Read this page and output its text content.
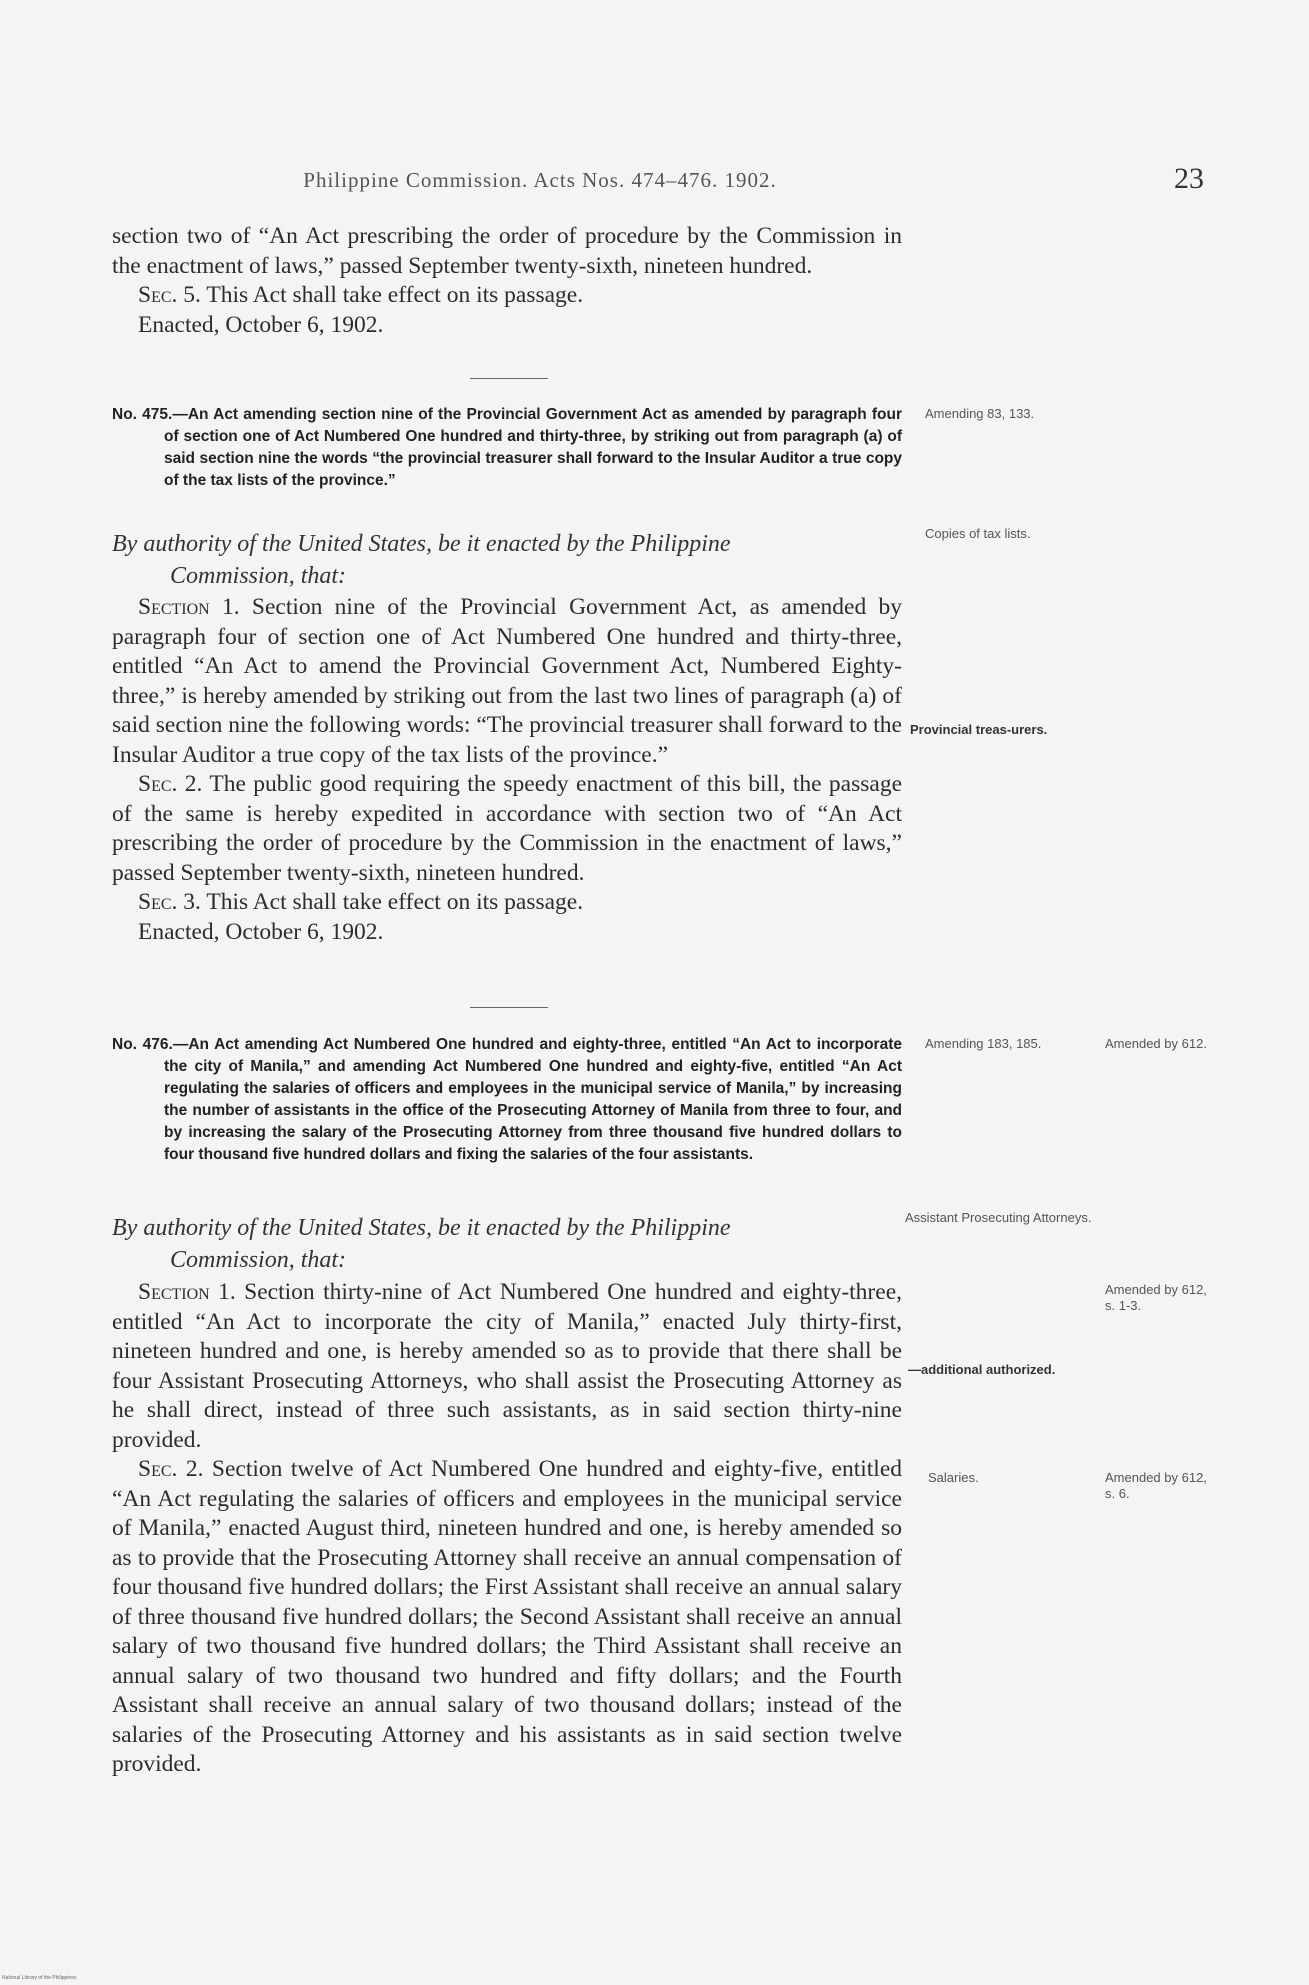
Philippine Commission. Acts Nos. 474–476. 1902.	23

section two of “An Act prescribing the order of procedure by the Commission in the enactment of laws,” passed September twenty-sixth, nineteen hundred.

Sec. 5. This Act shall take effect on its passage.

Enacted, October 6, 1902.

No. 475.—An Act amending section nine of the Provincial Government Act as amended by paragraph four of section one of Act Numbered One hundred and thirty-three, by striking out from paragraph (a) of said section nine the words “the provincial treasurer shall forward to the Insular Auditor a true copy of the tax lists of the province.”
Amending 83, 133.
By authority of the United States, be it enacted by the Philippine
Commission, that:
Copies of tax lists.

Section 1. Section nine of the Provincial Government Act, as amended by paragraph four of section one of Act Numbered One hundred and thirty-three, entitled “An Act to amend the Provincial Government Act, Numbered Eighty-three,” is hereby amended by striking out from the last two lines of paragraph (a) of said section nine the following words: “The provincial treasurer shall forward to the Insular Auditor a true copy of the tax lists of the province.”

Sec. 2. The public good requiring the speedy enactment of this bill, the passage of the same is hereby expedited in accordance with section two of “An Act prescribing the order of procedure by the Commission in the enactment of laws,” passed September twenty-sixth, nineteen hundred.

Sec. 3. This Act shall take effect on its passage.

Enacted, October 6, 1902.

Provincial treas-urers.
No. 476.—An Act amending Act Numbered One hundred and eighty-three, entitled “An Act to incorporate the city of Manila,” and amending Act Numbered One hundred and eighty-five, entitled “An Act regulating the salaries of officers and employees in the municipal service of Manila,” by increasing the number of assistants in the office of the Prosecuting Attorney of Manila from three to four, and by increasing the salary of the Prosecuting Attorney from three thousand five hundred dollars to four thousand five hundred dollars and fixing the salaries of the four assistants.
Amending 183, 185.	Amended by 612.
By authority of the United States, be it enacted by the Philippine
Commission, that:
Assistant Prosecuting Attorneys.

Section 1. Section thirty-nine of Act Numbered One hundred and eighty-three, entitled “An Act to incorporate the city of Manila,” enacted July thirty-first, nineteen hundred and one, is hereby amended so as to provide that there shall be four Assistant Prosecuting Attorneys, who shall assist the Prosecuting Attorney as he shall direct, instead of three such assistants, as in said section thirty-nine provided.

Sec. 2. Section twelve of Act Numbered One hundred and eighty-five, entitled “An Act regulating the salaries of officers and employees in the municipal service of Manila,” enacted August third, nineteen hundred and one, is hereby amended so as to provide that the Prosecuting Attorney shall receive an annual compensation of four thousand five hundred dollars; the First Assistant shall receive an annual salary of three thousand five hundred dollars; the Second Assistant shall receive an annual salary of two thousand five hundred dollars; the Third Assistant shall receive an annual salary of two thousand two hundred and fifty dollars; and the Fourth Assistant shall receive an annual salary of two thousand dollars; instead of the salaries of the Prosecuting Attorney and his assistants as in said section twelve provided.

Amended by 612, s. 1-3.
—additional authorized.
Salaries.	Amended by 612, s. 6.
National Library of the Philippines
